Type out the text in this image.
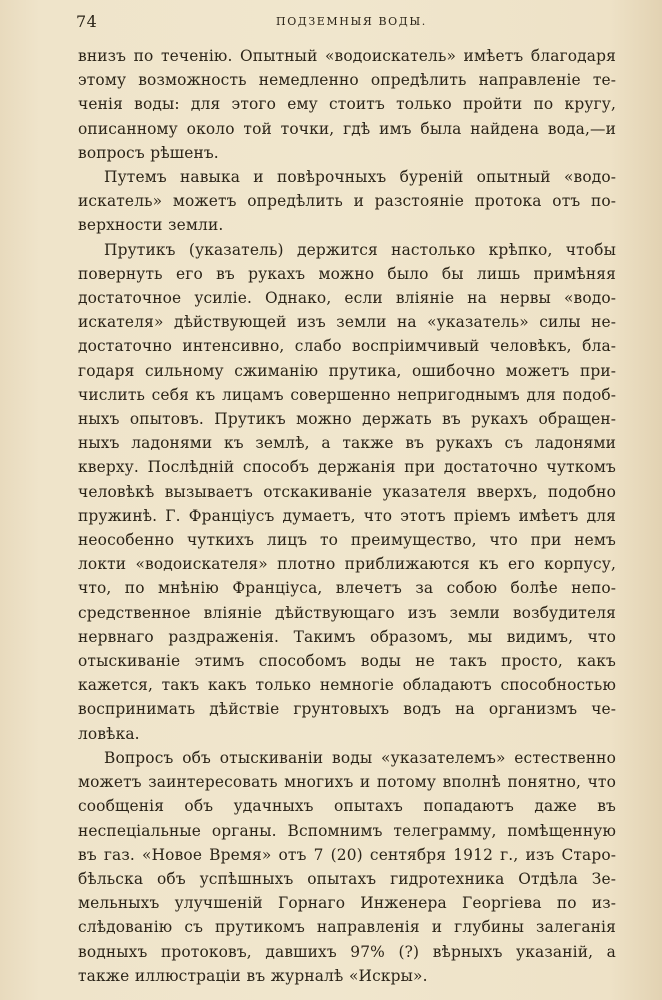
74	ПОДЗЕМНЫЯ ВОДЫ.

внизъ по теченію. Опытный «водоискатель» имѣетъ благодаря этому возможность немедленно опредѣлить направленіе теченія воды: для этого ему стоитъ только пройти по кругу, описанному около той точки, гдѣ имъ была найдена вода,—и вопросъ рѣшенъ.

Путемъ навыка и повѣрочныхъ буреній опытный «водоискатель» можетъ опредѣлить и разстояніе протока отъ поверхности земли.

Прутикъ (указатель) держится настолько крѣпко, чтобы повернуть его въ рукахъ можно было бы лишь примѣняя достаточное усиліе. Однако, если вліяніе на нервы «водоискателя» дѣйствующей изъ земли на «указатель» силы недостаточно интенсивно, слабо воспріимчивый человѣкъ, благодаря сильному сжиманію прутика, ошибочно можетъ причислить себя къ лицамъ совершенно непригоднымъ для подобныхъ опытовъ. Прутикъ можно держать въ рукахъ обращенныхъ ладонями къ землѣ, а также въ рукахъ съ ладонями кверху. Послѣдній способъ держанія при достаточно чуткомъ человѣкѣ вызываетъ отскакиваніе указателя вверхъ, подобно пружинѣ. Г. Францiусъ думаетъ, что этотъ пріемъ имѣетъ для неособенно чуткихъ лицъ то преимущество, что при немъ локти «водоискателя» плотно приближаются къ его корпусу, что, по мнѣнію Францiуса, влечетъ за собою болѣе непосредственное вліяніе дѣйствующаго изъ земли возбудителя нервнаго раздраженія. Такимъ образомъ, мы видимъ, что отыскиваніе этимъ способомъ воды не такъ просто, какъ кажется, такъ какъ только немногіе обладаютъ способностью воспринимать дѣйствіе грунтовыхъ водъ на организмъ человѣка.

Вопросъ объ отыскиваніи воды «указателемъ» естественно можетъ заинтересовать многихъ и потому вполнѣ понятно, что сообщенія объ удачныхъ опытахъ попадаютъ даже въ неспеціальные органы. Вспомнимъ телеграмму, помѣщенную въ газ. «Новое Время» отъ 7 (20) сентября 1912 г., изъ Старобѣльска объ успѣшныхъ опытахъ гидротехника Отдѣла Земельныхъ улучшеній Горнаго Инженера Георгіева по изслѣдованію съ прутикомъ направленія и глубины залеганія водныхъ протоковъ, давшихъ 97% (?) вѣрныхъ указаній, а также иллюстраціи въ журналѣ «Искры».
